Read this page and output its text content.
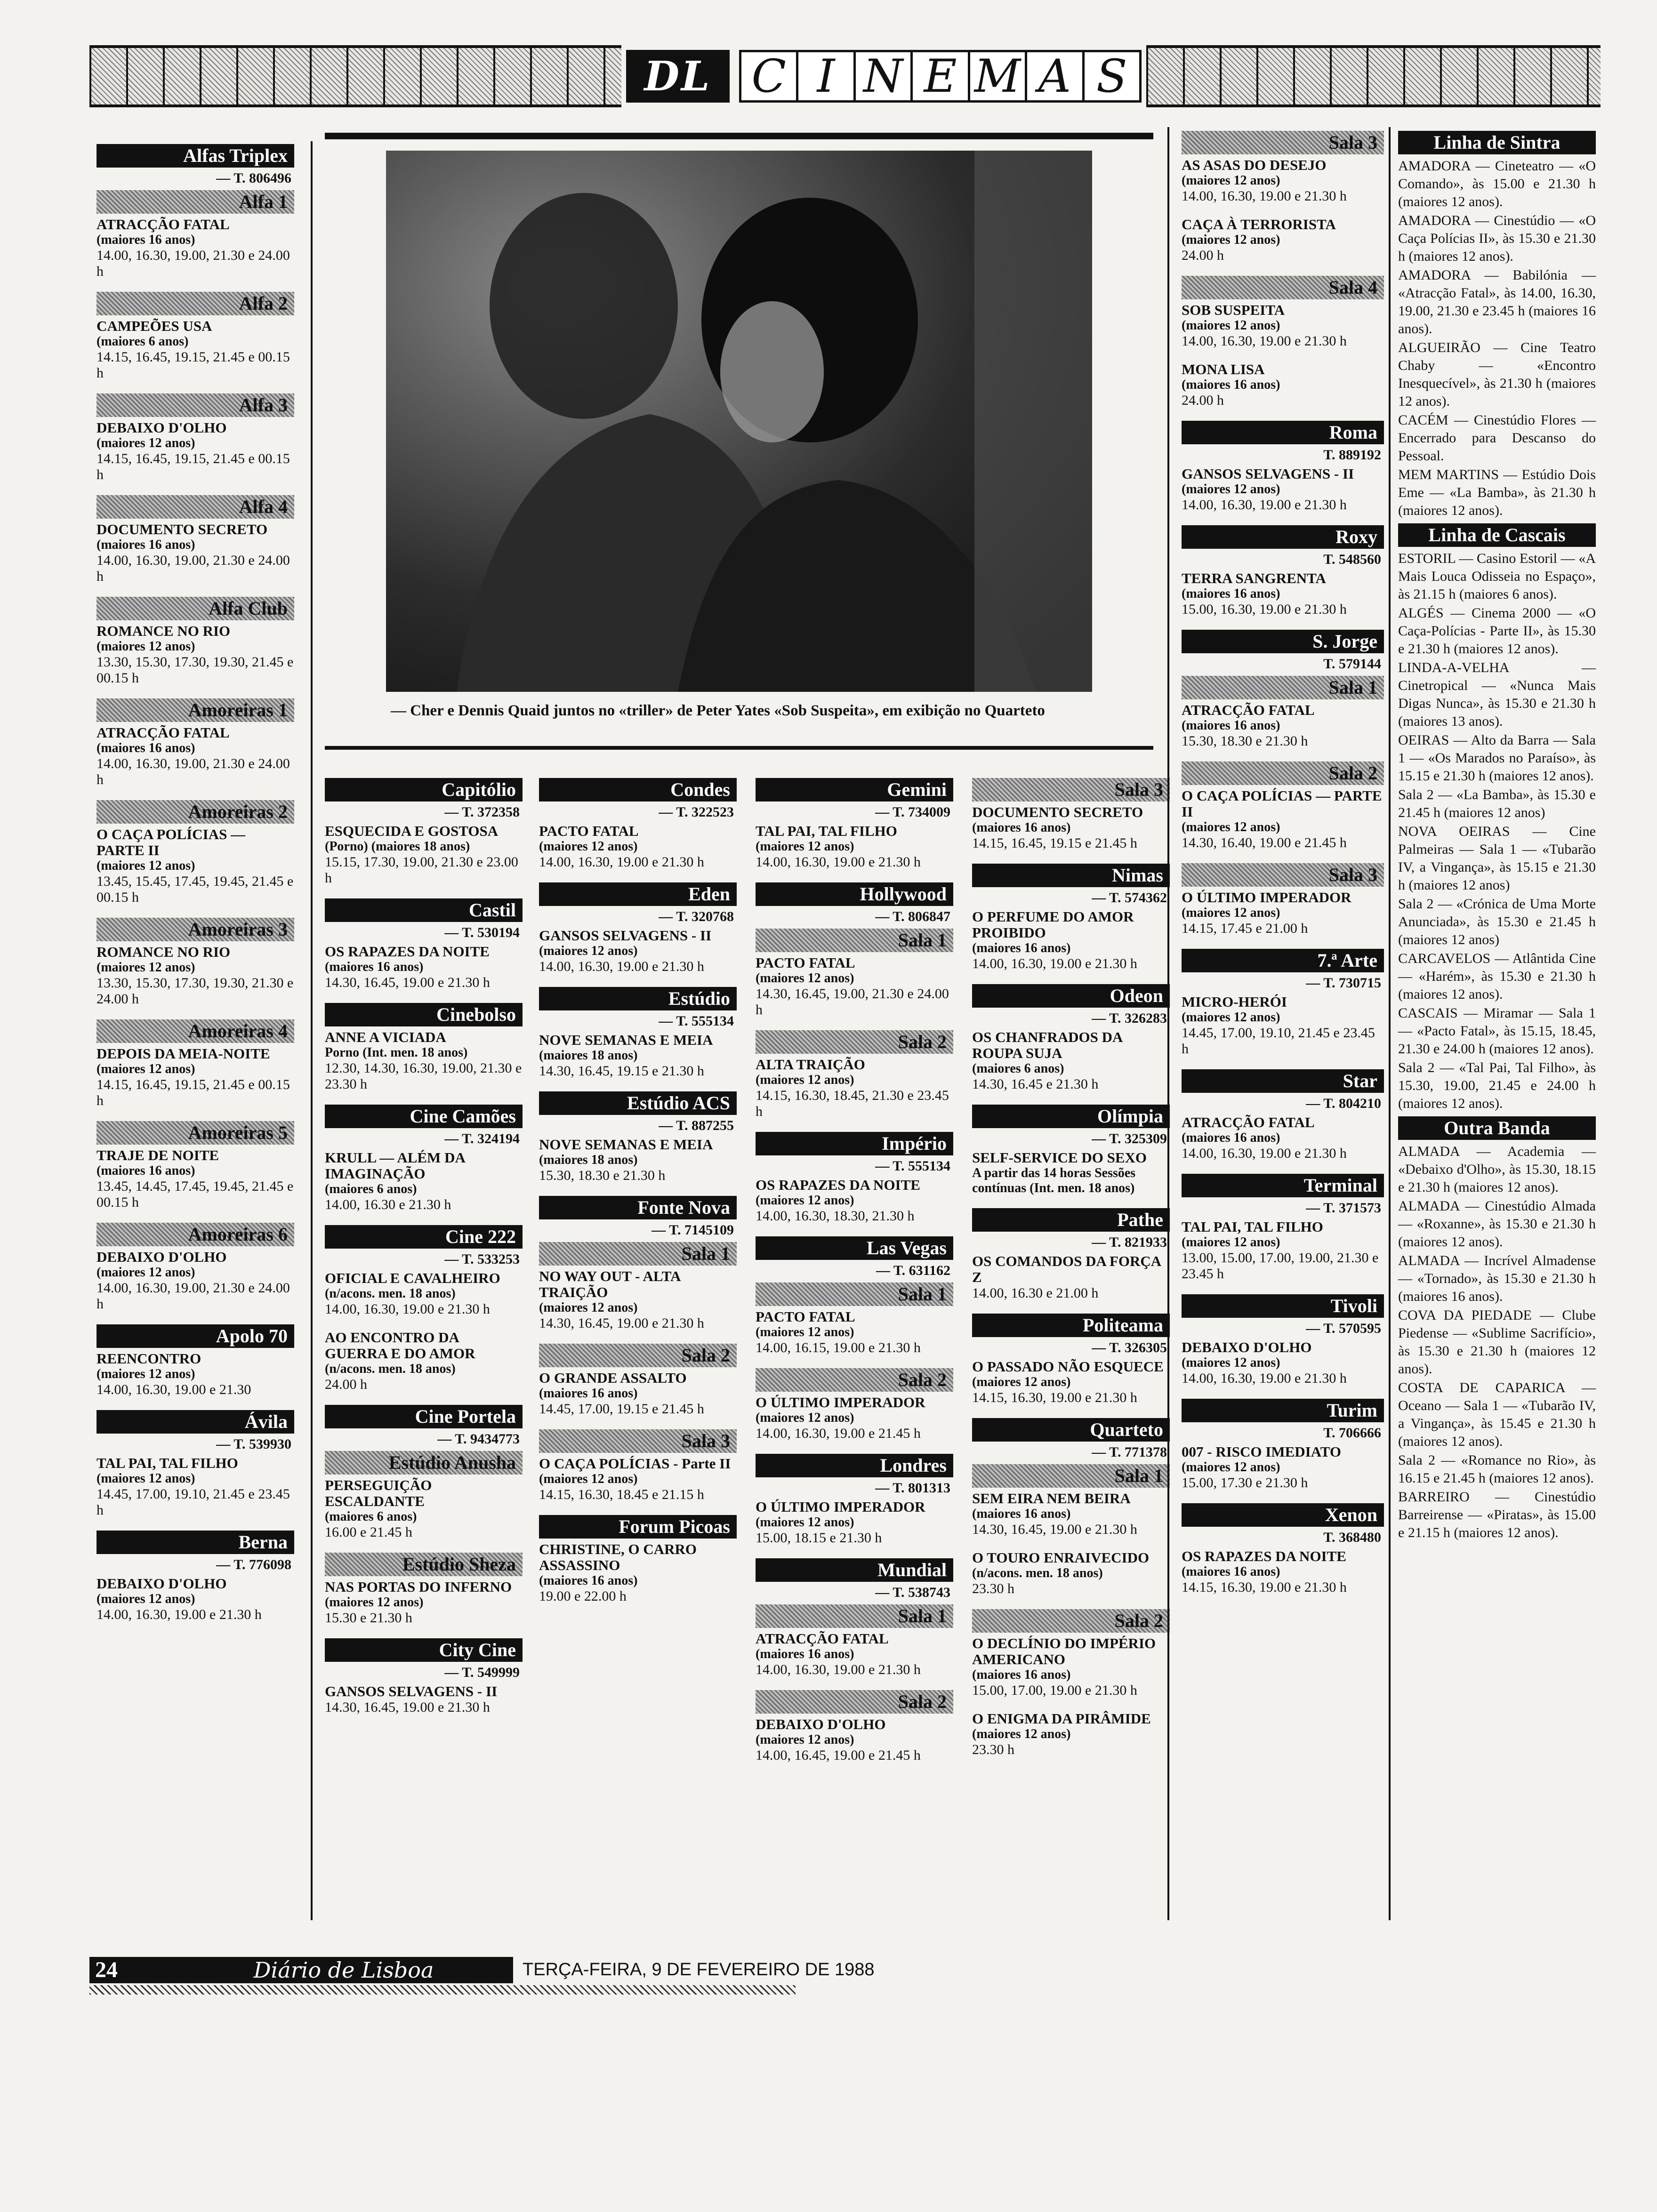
DL C I N E M A S
— Cher e Dennis Quaid juntos no «triller» de Peter Yates «Sob Suspeita», em exibição no Quarteto
Alfas Triplex
— T. 806496
Alfa 1
ATRACÇÃO FATAL
(maiores 16 anos)
14.00, 16.30, 19.00, 21.30 e 24.00 h
Alfa 2
CAMPEÕES USA
(maiores 6 anos)
14.15, 16.45, 19.15, 21.45 e 00.15 h
Alfa 3
DEBAIXO D'OLHO
(maiores 12 anos)
14.15, 16.45, 19.15, 21.45 e 00.15 h
Alfa 4
DOCUMENTO SECRETO
(maiores 16 anos)
14.00, 16.30, 19.00, 21.30 e 24.00 h
Alfa Club
ROMANCE NO RIO
(maiores 12 anos)
13.30, 15.30, 17.30, 19.30, 21.45 e 00.15 h
Amoreiras 1
ATRACÇÃO FATAL
(maiores 16 anos)
14.00, 16.30, 19.00, 21.30 e 24.00 h
Amoreiras 2
O CAÇA POLÍCIAS — PARTE II
(maiores 12 anos)
13.45, 15.45, 17.45, 19.45, 21.45 e 00.15 h
Amoreiras 3
ROMANCE NO RIO
(maiores 12 anos)
13.30, 15.30, 17.30, 19.30, 21.30 e 24.00 h
Amoreiras 4
DEPOIS DA MEIA-NOITE
(maiores 12 anos)
14.15, 16.45, 19.15, 21.45 e 00.15 h
Amoreiras 5
TRAJE DE NOITE
(maiores 16 anos)
13.45, 14.45, 17.45, 19.45, 21.45 e 00.15 h
Amoreiras 6
DEBAIXO D'OLHO
(maiores 12 anos)
14.00, 16.30, 19.00, 21.30 e 24.00 h
Apolo 70
REENCONTRO
(maiores 12 anos)
14.00, 16.30, 19.00 e 21.30
Ávila
— T. 539930
TAL PAI, TAL FILHO
(maiores 12 anos)
14.45, 17.00, 19.10, 21.45 e 23.45 h
Berna
— T. 776098
DEBAIXO D'OLHO
(maiores 12 anos)
14.00, 16.30, 19.00 e 21.30 h
Capitólio
— T. 372358
ESQUECIDA E GOSTOSA
(Porno) (maiores 18 anos)
15.15, 17.30, 19.00, 21.30 e 23.00 h
Castil
— T. 530194
OS RAPAZES DA NOITE
(maiores 16 anos)
14.30, 16.45, 19.00 e 21.30 h
Cinebolso
ANNE A VICIADA
Porno (Int. men. 18 anos)
12.30, 14.30, 16.30, 19.00, 21.30 e 23.30 h
Cine Camões
— T. 324194
KRULL — ALÉM DA IMAGINAÇÃO
(maiores 6 anos)
14.00, 16.30 e 21.30 h
Cine 222
— T. 533253
OFICIAL E CAVALHEIRO
(n/acons. men. 18 anos)
14.00, 16.30, 19.00 e 21.30 h
AO ENCONTRO DA GUERRA E DO AMOR
(n/acons. men. 18 anos)
24.00 h
Cine Portela
— T. 9434773
Estúdio Anusha
PERSEGUIÇÃO ESCALDANTE
(maiores 6 anos)
16.00 e 21.45 h
Estúdio Sheza
NAS PORTAS DO INFERNO
(maiores 12 anos)
15.30 e 21.30 h
City Cine
— T. 549999
GANSOS SELVAGENS - II
14.30, 16.45, 19.00 e 21.30 h
Condes
— T. 322523
PACTO FATAL
(maiores 12 anos)
14.00, 16.30, 19.00 e 21.30 h
Eden
— T. 320768
GANSOS SELVAGENS - II
(maiores 12 anos)
14.00, 16.30, 19.00 e 21.30 h
Estúdio
— T. 555134
NOVE SEMANAS E MEIA
(maiores 18 anos)
14.30, 16.45, 19.15 e 21.30 h
Estúdio ACS
— T. 887255
NOVE SEMANAS E MEIA
(maiores 18 anos)
15.30, 18.30 e 21.30 h
Fonte Nova
— T. 7145109
Sala 1
NO WAY OUT - ALTA TRAIÇÃO
(maiores 12 anos)
14.30, 16.45, 19.00 e 21.30 h
Sala 2
O GRANDE ASSALTO
(maiores 16 anos)
14.45, 17.00, 19.15 e 21.45 h
Sala 3
O CAÇA POLÍCIAS - Parte II
(maiores 12 anos)
14.15, 16.30, 18.45 e 21.15 h
Forum Picoas
CHRISTINE, O CARRO ASSASSINO
(maiores 16 anos)
19.00 e 22.00 h
Gemini
— T. 734009
TAL PAI, TAL FILHO
(maiores 12 anos)
14.00, 16.30, 19.00 e 21.30 h
Hollywood
— T. 806847
Sala 1
PACTO FATAL
(maiores 12 anos)
14.30, 16.45, 19.00, 21.30 e 24.00 h
Sala 2
ALTA TRAIÇÃO
(maiores 12 anos)
14.15, 16.30, 18.45, 21.30 e 23.45 h
Império
— T. 555134
OS RAPAZES DA NOITE
(maiores 12 anos)
14.00, 16.30, 18.30, 21.30 h
Las Vegas
— T. 631162
Sala 1
PACTO FATAL
(maiores 12 anos)
14.00, 16.15, 19.00 e 21.30 h
Sala 2
O ÚLTIMO IMPERADOR
(maiores 12 anos)
14.00, 16.30, 19.00 e 21.45 h
Londres
— T. 801313
O ÚLTIMO IMPERADOR
(maiores 12 anos)
15.00, 18.15 e 21.30 h
Mundial
— T. 538743
Sala 1
ATRACÇÃO FATAL
(maiores 16 anos)
14.00, 16.30, 19.00 e 21.30 h
Sala 2
DEBAIXO D'OLHO
(maiores 12 anos)
14.00, 16.45, 19.00 e 21.45 h
Sala 3
DOCUMENTO SECRETO
(maiores 16 anos)
14.15, 16.45, 19.15 e 21.45 h
Nimas
— T. 574362
O PERFUME DO AMOR PROIBIDO
(maiores 16 anos)
14.00, 16.30, 19.00 e 21.30 h
Odeon
— T. 326283
OS CHANFRADOS DA ROUPA SUJA
(maiores 6 anos)
14.30, 16.45 e 21.30 h
Olímpia
— T. 325309
SELF-SERVICE DO SEXO
A partir das 14 horas Sessões contínuas (Int. men. 18 anos)
Pathe
— T. 821933
OS COMANDOS DA FORÇA Z
14.00, 16.30 e 21.00 h
Politeama
— T. 326305
O PASSADO NÃO ESQUECE
(maiores 12 anos)
14.15, 16.30, 19.00 e 21.30 h
Quarteto
— T. 771378
Sala 1
SEM EIRA NEM BEIRA
(maiores 16 anos)
14.30, 16.45, 19.00 e 21.30 h
O TOURO ENRAIVECIDO
(n/acons. men. 18 anos)
23.30 h
Sala 2
O DECLÍNIO DO IMPÉRIO AMERICANO
(maiores 16 anos)
15.00, 17.00, 19.00 e 21.30 h
O ENIGMA DA PIRÂMIDE
(maiores 12 anos)
23.30 h
Sala 3
AS ASAS DO DESEJO
(maiores 12 anos)
14.00, 16.30, 19.00 e 21.30 h
CAÇA À TERRORISTA
(maiores 12 anos)
24.00 h
Sala 4
SOB SUSPEITA
(maiores 12 anos)
14.00, 16.30, 19.00 e 21.30 h
MONA LISA
(maiores 16 anos)
24.00 h
Roma
T. 889192
GANSOS SELVAGENS - II
(maiores 12 anos)
14.00, 16.30, 19.00 e 21.30 h
Roxy
T. 548560
TERRA SANGRENTA
(maiores 16 anos)
15.00, 16.30, 19.00 e 21.30 h
S. Jorge
T. 579144
Sala 1
ATRACÇÃO FATAL
(maiores 16 anos)
15.30, 18.30 e 21.30 h
Sala 2
O CAÇA POLÍCIAS — PARTE II
(maiores 12 anos)
14.30, 16.40, 19.00 e 21.45 h
Sala 3
O ÚLTIMO IMPERADOR
(maiores 12 anos)
14.15, 17.45 e 21.00 h
7.ª Arte
— T. 730715
MICRO-HERÓI
(maiores 12 anos)
14.45, 17.00, 19.10, 21.45 e 23.45 h
Star
— T. 804210
ATRACÇÃO FATAL
(maiores 16 anos)
14.00, 16.30, 19.00 e 21.30 h
Terminal
— T. 371573
TAL PAI, TAL FILHO
(maiores 12 anos)
13.00, 15.00, 17.00, 19.00, 21.30 e 23.45 h
Tivoli
— T. 570595
DEBAIXO D'OLHO
(maiores 12 anos)
14.00, 16.30, 19.00 e 21.30 h
Turim
T. 706666
007 - RISCO IMEDIATO
(maiores 12 anos)
15.00, 17.30 e 21.30 h
Xenon
T. 368480
OS RAPAZES DA NOITE
(maiores 16 anos)
14.15, 16.30, 19.00 e 21.30 h
Linha de Sintra
AMADORA — Cineteatro — «O Comando», às 15.00 e 21.30 h (maiores 12 anos).
AMADORA — Cinestúdio — «O Caça Polícias II», às 15.30 e 21.30 h (maiores 12 anos).
AMADORA — Babilónia — «Atracção Fatal», às 14.00, 16.30, 19.00, 21.30 e 23.45 h (maiores 16 anos).
ALGUEIRÃO — Cine Teatro Chaby — «Encontro Inesquecível», às 21.30 h (maiores 12 anos).
CACÉM — Cinestúdio Flores — Encerrado para Descanso do Pessoal.
MEM MARTINS — Estúdio Dois Eme — «La Bamba», às 21.30 h (maiores 12 anos).
Linha de Cascais
ESTORIL — Casino Estoril — «A Mais Louca Odisseia no Espaço», às 21.15 h (maiores 6 anos).
ALGÉS — Cinema 2000 — «O Caça-Polícias - Parte II», às 15.30 e 21.30 h (maiores 12 anos).
LINDA-A-VELHA — Cinetropical — «Nunca Mais Digas Nunca», às 15.30 e 21.30 h (maiores 13 anos).
OEIRAS — Alto da Barra — Sala 1 — «Os Marados no Paraíso», às 15.15 e 21.30 h (maiores 12 anos).
Sala 2 — «La Bamba», às 15.30 e 21.45 h (maiores 12 anos)
NOVA OEIRAS — Cine Palmeiras — Sala 1 — «Tubarão IV, a Vingança», às 15.15 e 21.30 h (maiores 12 anos)
Sala 2 — «Crónica de Uma Morte Anunciada», às 15.30 e 21.45 h (maiores 12 anos)
CARCAVELOS — Atlântida Cine — «Harém», às 15.30 e 21.30 h (maiores 12 anos).
CASCAIS — Miramar — Sala 1 — «Pacto Fatal», às 15.15, 18.45, 21.30 e 24.00 h (maiores 12 anos).
Sala 2 — «Tal Pai, Tal Filho», às 15.30, 19.00, 21.45 e 24.00 h (maiores 12 anos).
Outra Banda
ALMADA — Academia — «Debaixo d'Olho», às 15.30, 18.15 e 21.30 h (maiores 12 anos).
ALMADA — Cinestúdio Almada — «Roxanne», às 15.30 e 21.30 h (maiores 12 anos).
ALMADA — Incrível Almadense — «Tornado», às 15.30 e 21.30 h (maiores 16 anos).
COVA DA PIEDADE — Clube Piedense — «Sublime Sacrifício», às 15.30 e 21.30 h (maiores 12 anos).
COSTA DE CAPARICA — Oceano — Sala 1 — «Tubarão IV, a Vingança», às 15.45 e 21.30 h (maiores 12 anos).
Sala 2 — «Romance no Rio», às 16.15 e 21.45 h (maiores 12 anos).
BARREIRO — Cinestúdio Barreirense — «Piratas», às 15.00 e 21.15 h (maiores 12 anos).
24	Diário de Lisboa	TERÇA-FEIRA, 9 DE FEVEREIRO DE 1988
